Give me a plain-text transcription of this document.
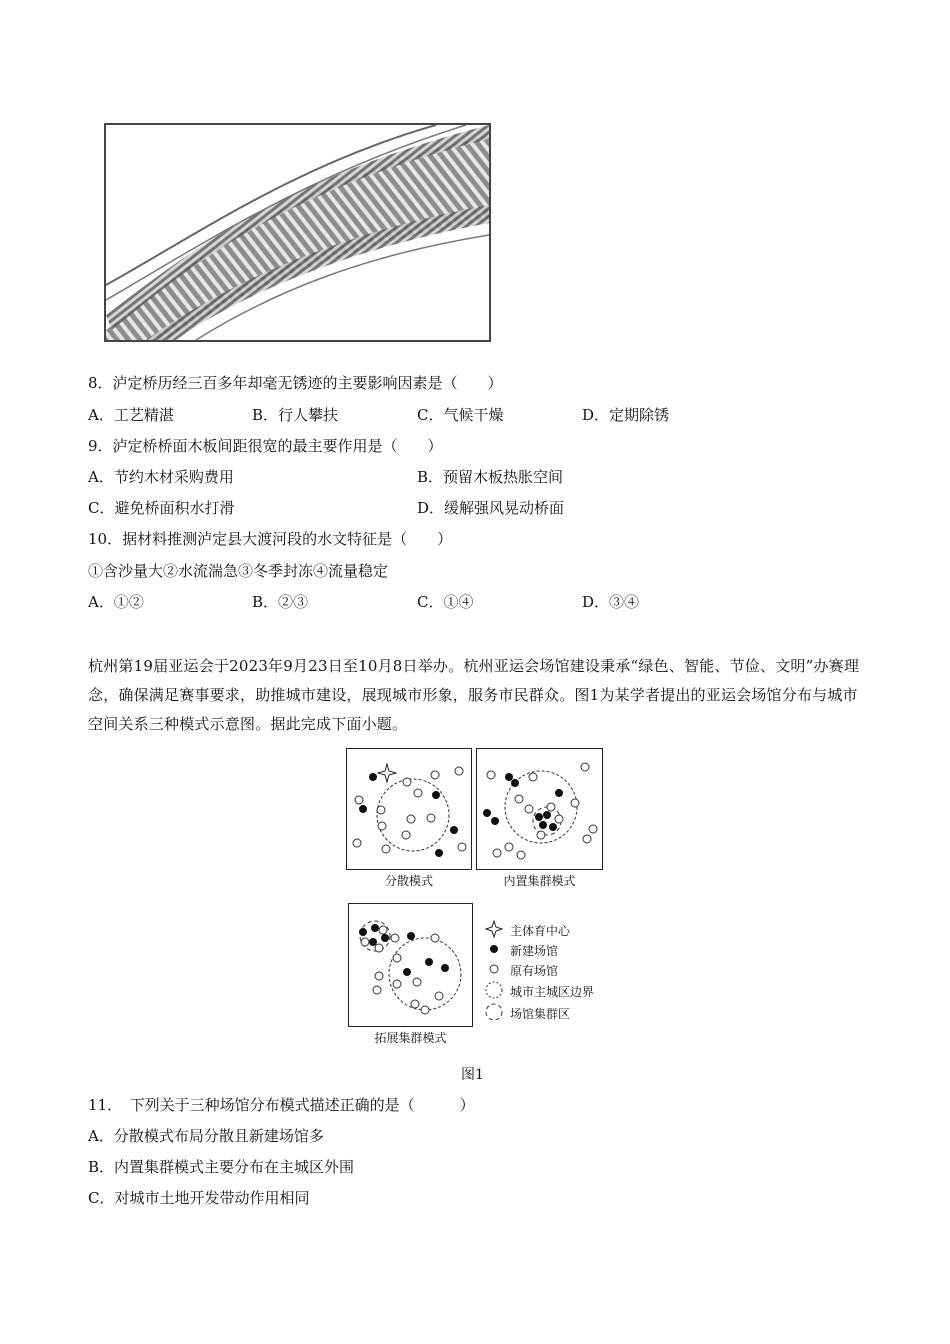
8．泸定桥历经三百多年却毫无锈迹的主要影响因素是（　　）
A．工艺精湛	B．行人攀扶	C．气候干燥	D．定期除锈
9．泸定桥桥面木板间距很宽的最主要作用是（　　）
A．节约木材采购费用	B．预留木板热胀空间
C．避免桥面积水打滑	D．缓解强风晃动桥面
10．据材料推测泸定县大渡河段的水文特征是（　　）
①含沙量大②水流湍急③冬季封冻④流量稳定
A．①②	B．②③	C．①④	D．③④
杭州第19届亚运会于2023年9月23日至10月8日举办。杭州亚运会场馆建设秉承“绿色、智能、节俭、文明”办赛理念，确保满足赛事要求，助推城市建设，展现城市形象，服务市民群众。图1为某学者提出的亚运会场馆分布与城市空间关系三种模式示意图。据此完成下面小题。
分散模式	内置集群模式
拓展集群模式
主体育中心
新建场馆
原有场馆
城市主城区边界
场馆集群区
图1
11．　下列关于三种场馆分布模式描述正确的是（　　　）
A．分散模式布局分散且新建场馆多
B．内置集群模式主要分布在主城区外围
C．对城市土地开发带动作用相同
